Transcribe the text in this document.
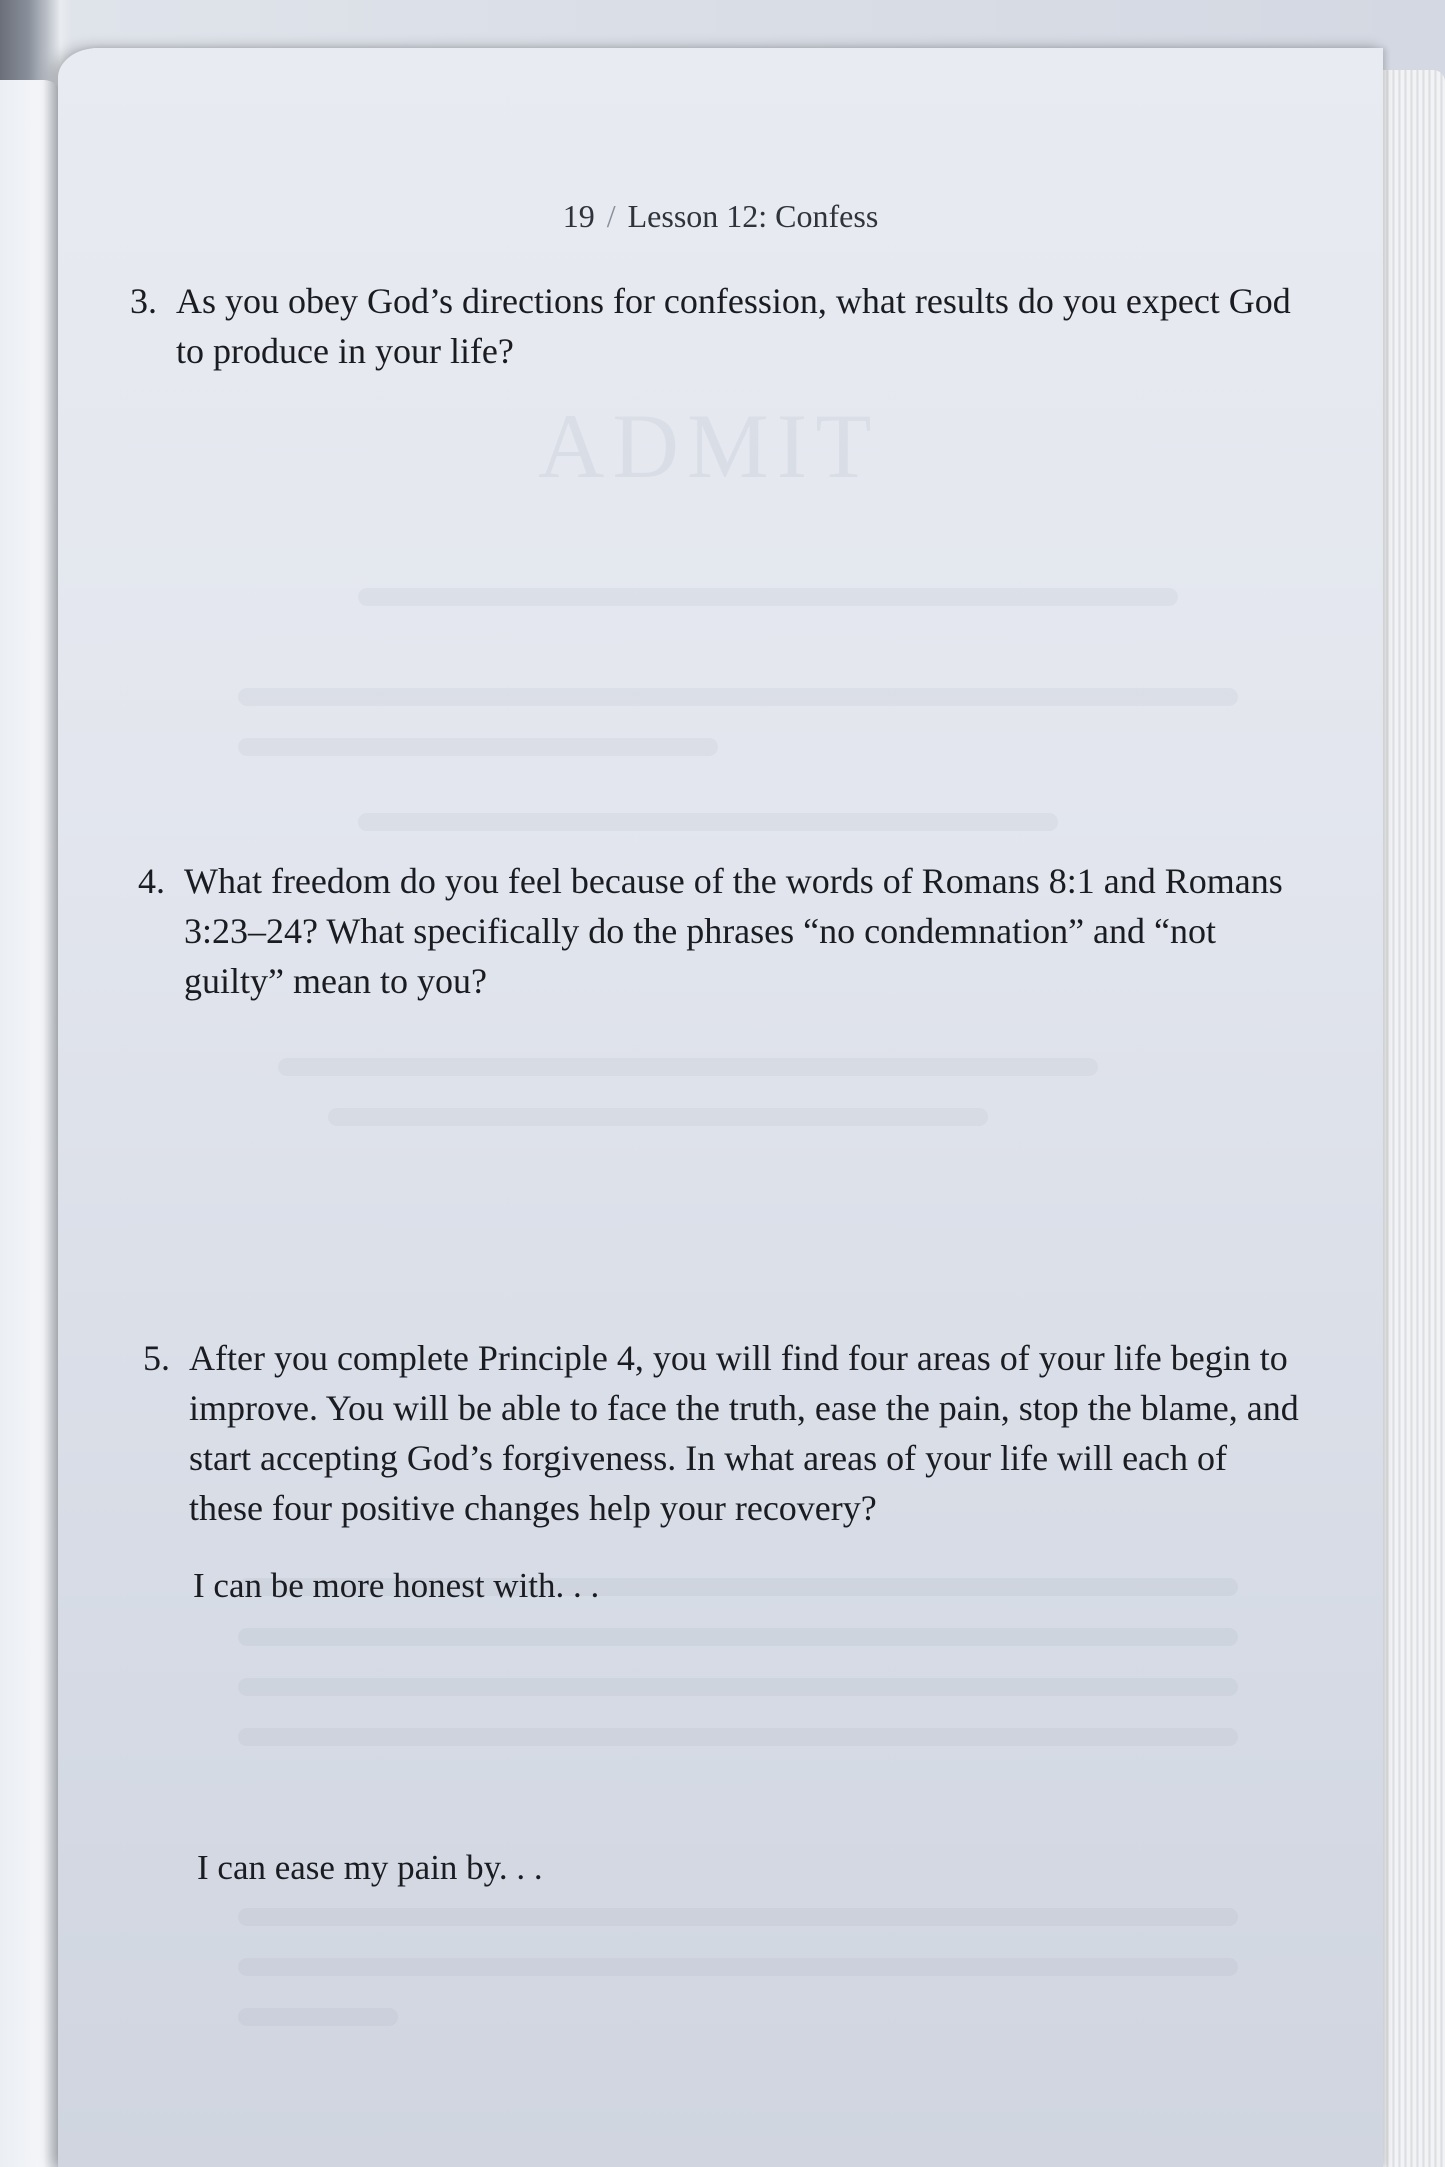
ADMIT
19 / Lesson 12: Confess
3. As you obey God’s directions for confession, what results do you expect God to produce in your life?
4. What freedom do you feel because of the words of Romans 8:1 and Romans 3:23–24? What specifically do the phrases “no condemnation” and “not guilty” mean to you?
5. After you complete Principle 4, you will find four areas of your life begin to improve. You will be able to face the truth, ease the pain, stop the blame, and start accepting God’s forgiveness. In what areas of your life will each of these four positive changes help your recovery?
I can be more honest with. . .
I can ease my pain by. . .
